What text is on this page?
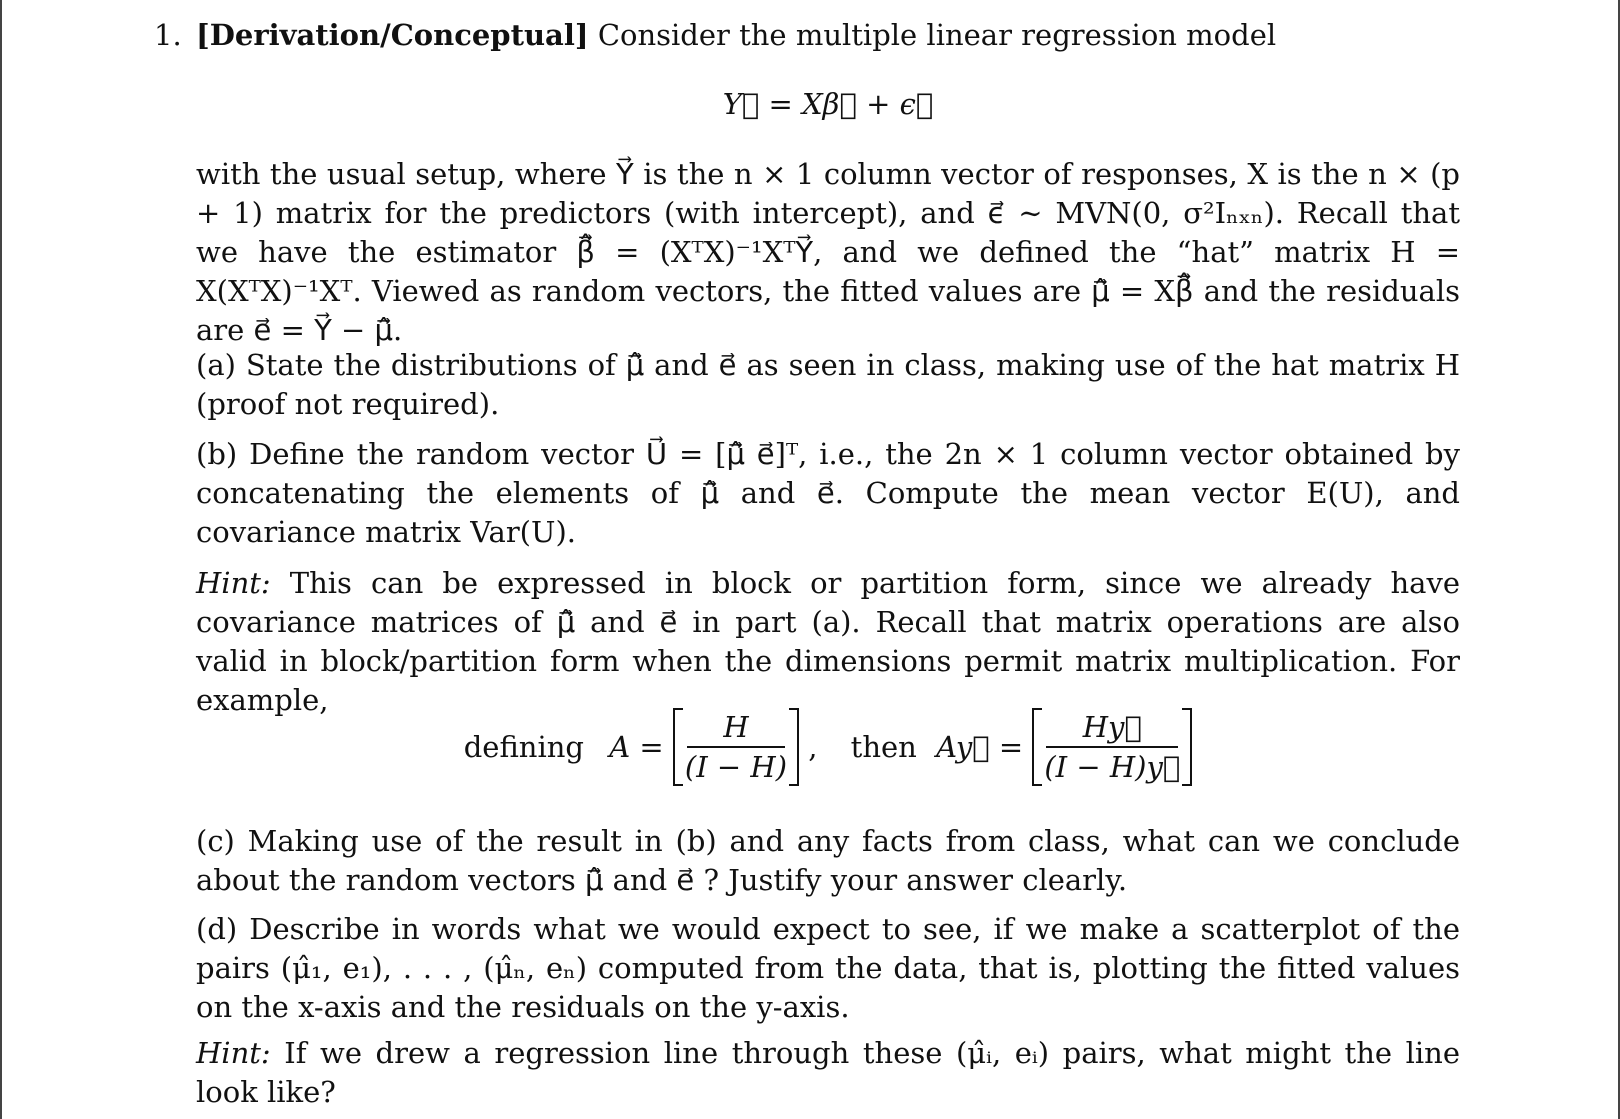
1. [Derivation/Conceptual] Consider the multiple linear regression model

Y⃗ = Xβ⃗ + ϵ⃗

with the usual setup, where Y⃗ is the n × 1 column vector of responses, X is the n × (p + 1) matrix for the predictors (with intercept), and ϵ⃗ ∼ MVN(0, σ²Iₙₓₙ). Recall that we have the estimator β̂⃗ = (XᵀX)⁻¹XᵀY⃗, and we defined the “hat” matrix H = X(XᵀX)⁻¹Xᵀ. Viewed as random vectors, the fitted values are μ̂⃗ = Xβ̂⃗ and the residuals are e⃗ = Y⃗ − μ̂⃗.

(a) State the distributions of μ̂⃗ and e⃗ as seen in class, making use of the hat matrix H (proof not required).

(b) Define the random vector U⃗ = [μ̂⃗ e⃗]ᵀ, i.e., the 2n × 1 column vector obtained by concatenating the elements of μ̂⃗ and e⃗. Compute the mean vector E(U), and covariance matrix Var(U).

Hint: This can be expressed in block or partition form, since we already have covariance matrices of μ̂⃗ and e⃗ in part (a). Recall that matrix operations are also valid in block/partition form when the dimensions permit matrix multiplication. For example,

defining $A = \frac{H}{(I - H)}$ , then Ay⃗ = $\frac{Hy⃗}{(I - H)y⃗}$

(c) Making use of the result in (b) and any facts from class, what can we conclude about the random vectors μ̂⃗ and e⃗ ? Justify your answer clearly.

(d) Describe in words what we would expect to see, if we make a scatterplot of the pairs (μ̂₁, e₁), . . . , (μ̂ₙ, eₙ) computed from the data, that is, plotting the fitted values on the x-axis and the residuals on the y-axis.

Hint: If we drew a regression line through these (μ̂ᵢ, eᵢ) pairs, what might the line look like?
